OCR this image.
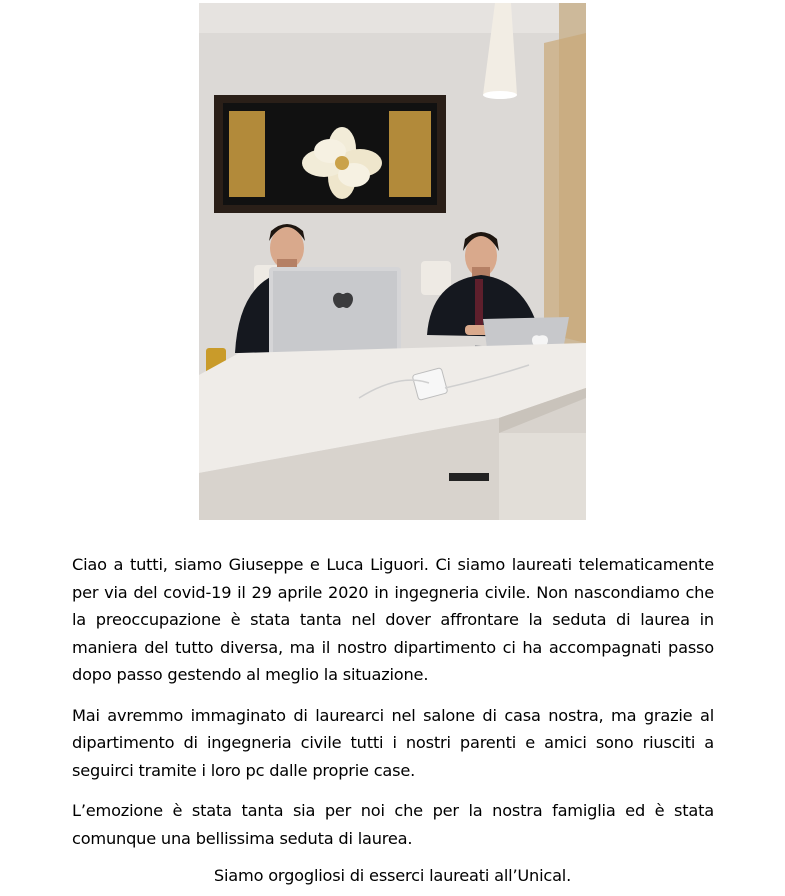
Ciao a tutti, siamo Giuseppe e Luca Liguori. Ci siamo laureati telematicamente per via del covid-19 il 29 aprile 2020 in ingegneria civile. Non nascondiamo che la preoccupazione è stata tanta nel dover affrontare la seduta di laurea in maniera del tutto diversa, ma il nostro dipartimento ci ha accompagnati passo dopo passo gestendo al meglio la situazione.

Mai avremmo immaginato di laurearci nel salone di casa nostra, ma grazie al dipartimento di ingegneria civile tutti i nostri parenti e amici sono riusciti a seguirci tramite i loro pc dalle proprie case.

L’emozione è stata tanta sia per noi che per la nostra famiglia ed è stata comunque una bellissima seduta di laurea.

Siamo orgogliosi di esserci laureati all’Unical.
